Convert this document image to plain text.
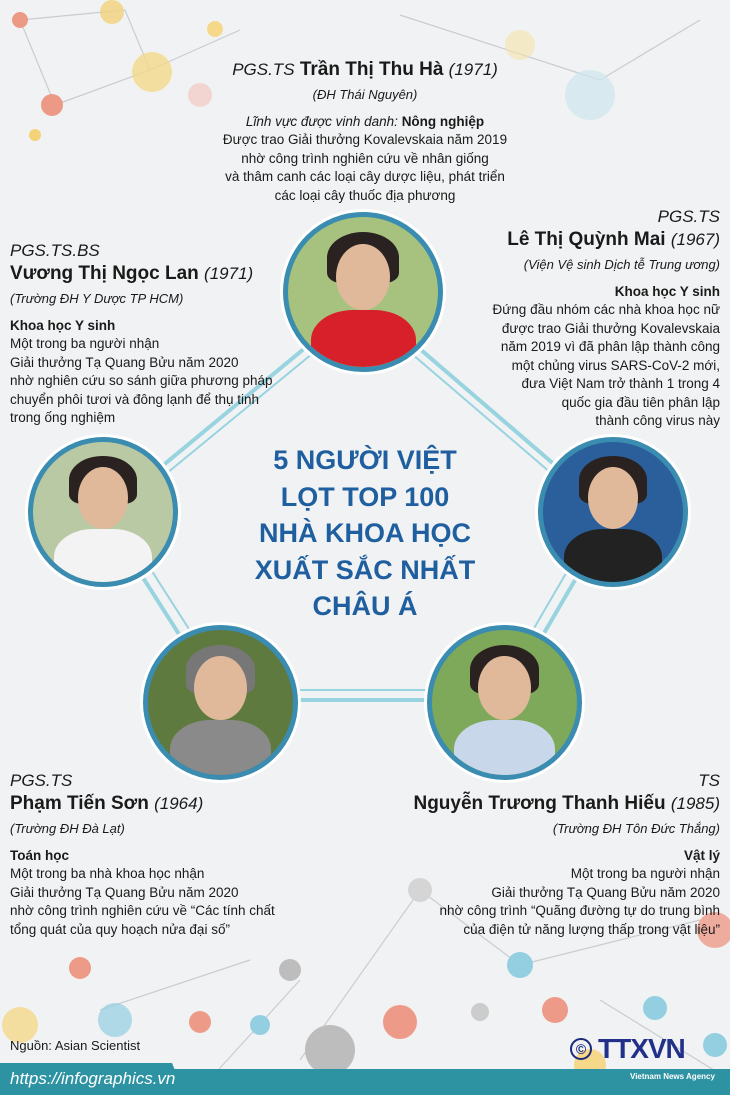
PGS.TS Trần Thị Thu Hà (1971)
(ĐH Thái Nguyên)
Lĩnh vực được vinh danh: Nông nghiệp
Được trao Giải thưởng Kovalevskaia năm 2019
nhờ công trình nghiên cứu về nhân giống
và thâm canh các loại cây dược liệu, phát triển
các loại cây thuốc địa phương
PGS.TS.BS
Vương Thị Ngọc Lan (1971)
(Trường ĐH Y Dược TP HCM)
Khoa học Y sinh
Một trong ba người nhận
Giải thưởng Tạ Quang Bửu năm 2020
nhờ nghiên cứu so sánh giữa phương pháp
chuyển phôi tươi và đông lạnh để thụ tinh
trong ống nghiệm
PGS.TS
Lê Thị Quỳnh Mai (1967)
(Viện Vệ sinh Dịch tễ Trung ương)
Khoa học Y sinh
Đứng đầu nhóm các nhà khoa học nữ
được trao Giải thưởng Kovalevskaia
năm 2019 vì đã phân lập thành công
một chủng virus SARS-CoV-2 mới,
đưa Việt Nam trở thành 1 trong 4
quốc gia đầu tiên phân lập
thành công virus này
PGS.TS
Phạm Tiến Sơn (1964)
(Trường ĐH Đà Lạt)
Toán học
Một trong ba nhà khoa học nhận
Giải thưởng Tạ Quang Bửu năm 2020
nhờ công trình nghiên cứu về “Các tính chất
tổng quát của quy hoạch nửa đại số”
TS
Nguyễn Trương Thanh Hiếu (1985)
(Trường ĐH Tôn Đức Thắng)
Vật lý
Một trong ba người nhận
Giải thưởng Tạ Quang Bửu năm 2020
nhờ công trình “Quãng đường tự do trung bình
của điện tử năng lượng thấp trong vật liệu”
5 NGƯỜI VIỆT
LỌT TOP 100
NHÀ KHOA HỌC
XUẤT SẮC NHẤT
CHÂU Á
Nguồn: Asian Scientist
https://infographics.vn
© TTXVN
Vietnam News Agency
